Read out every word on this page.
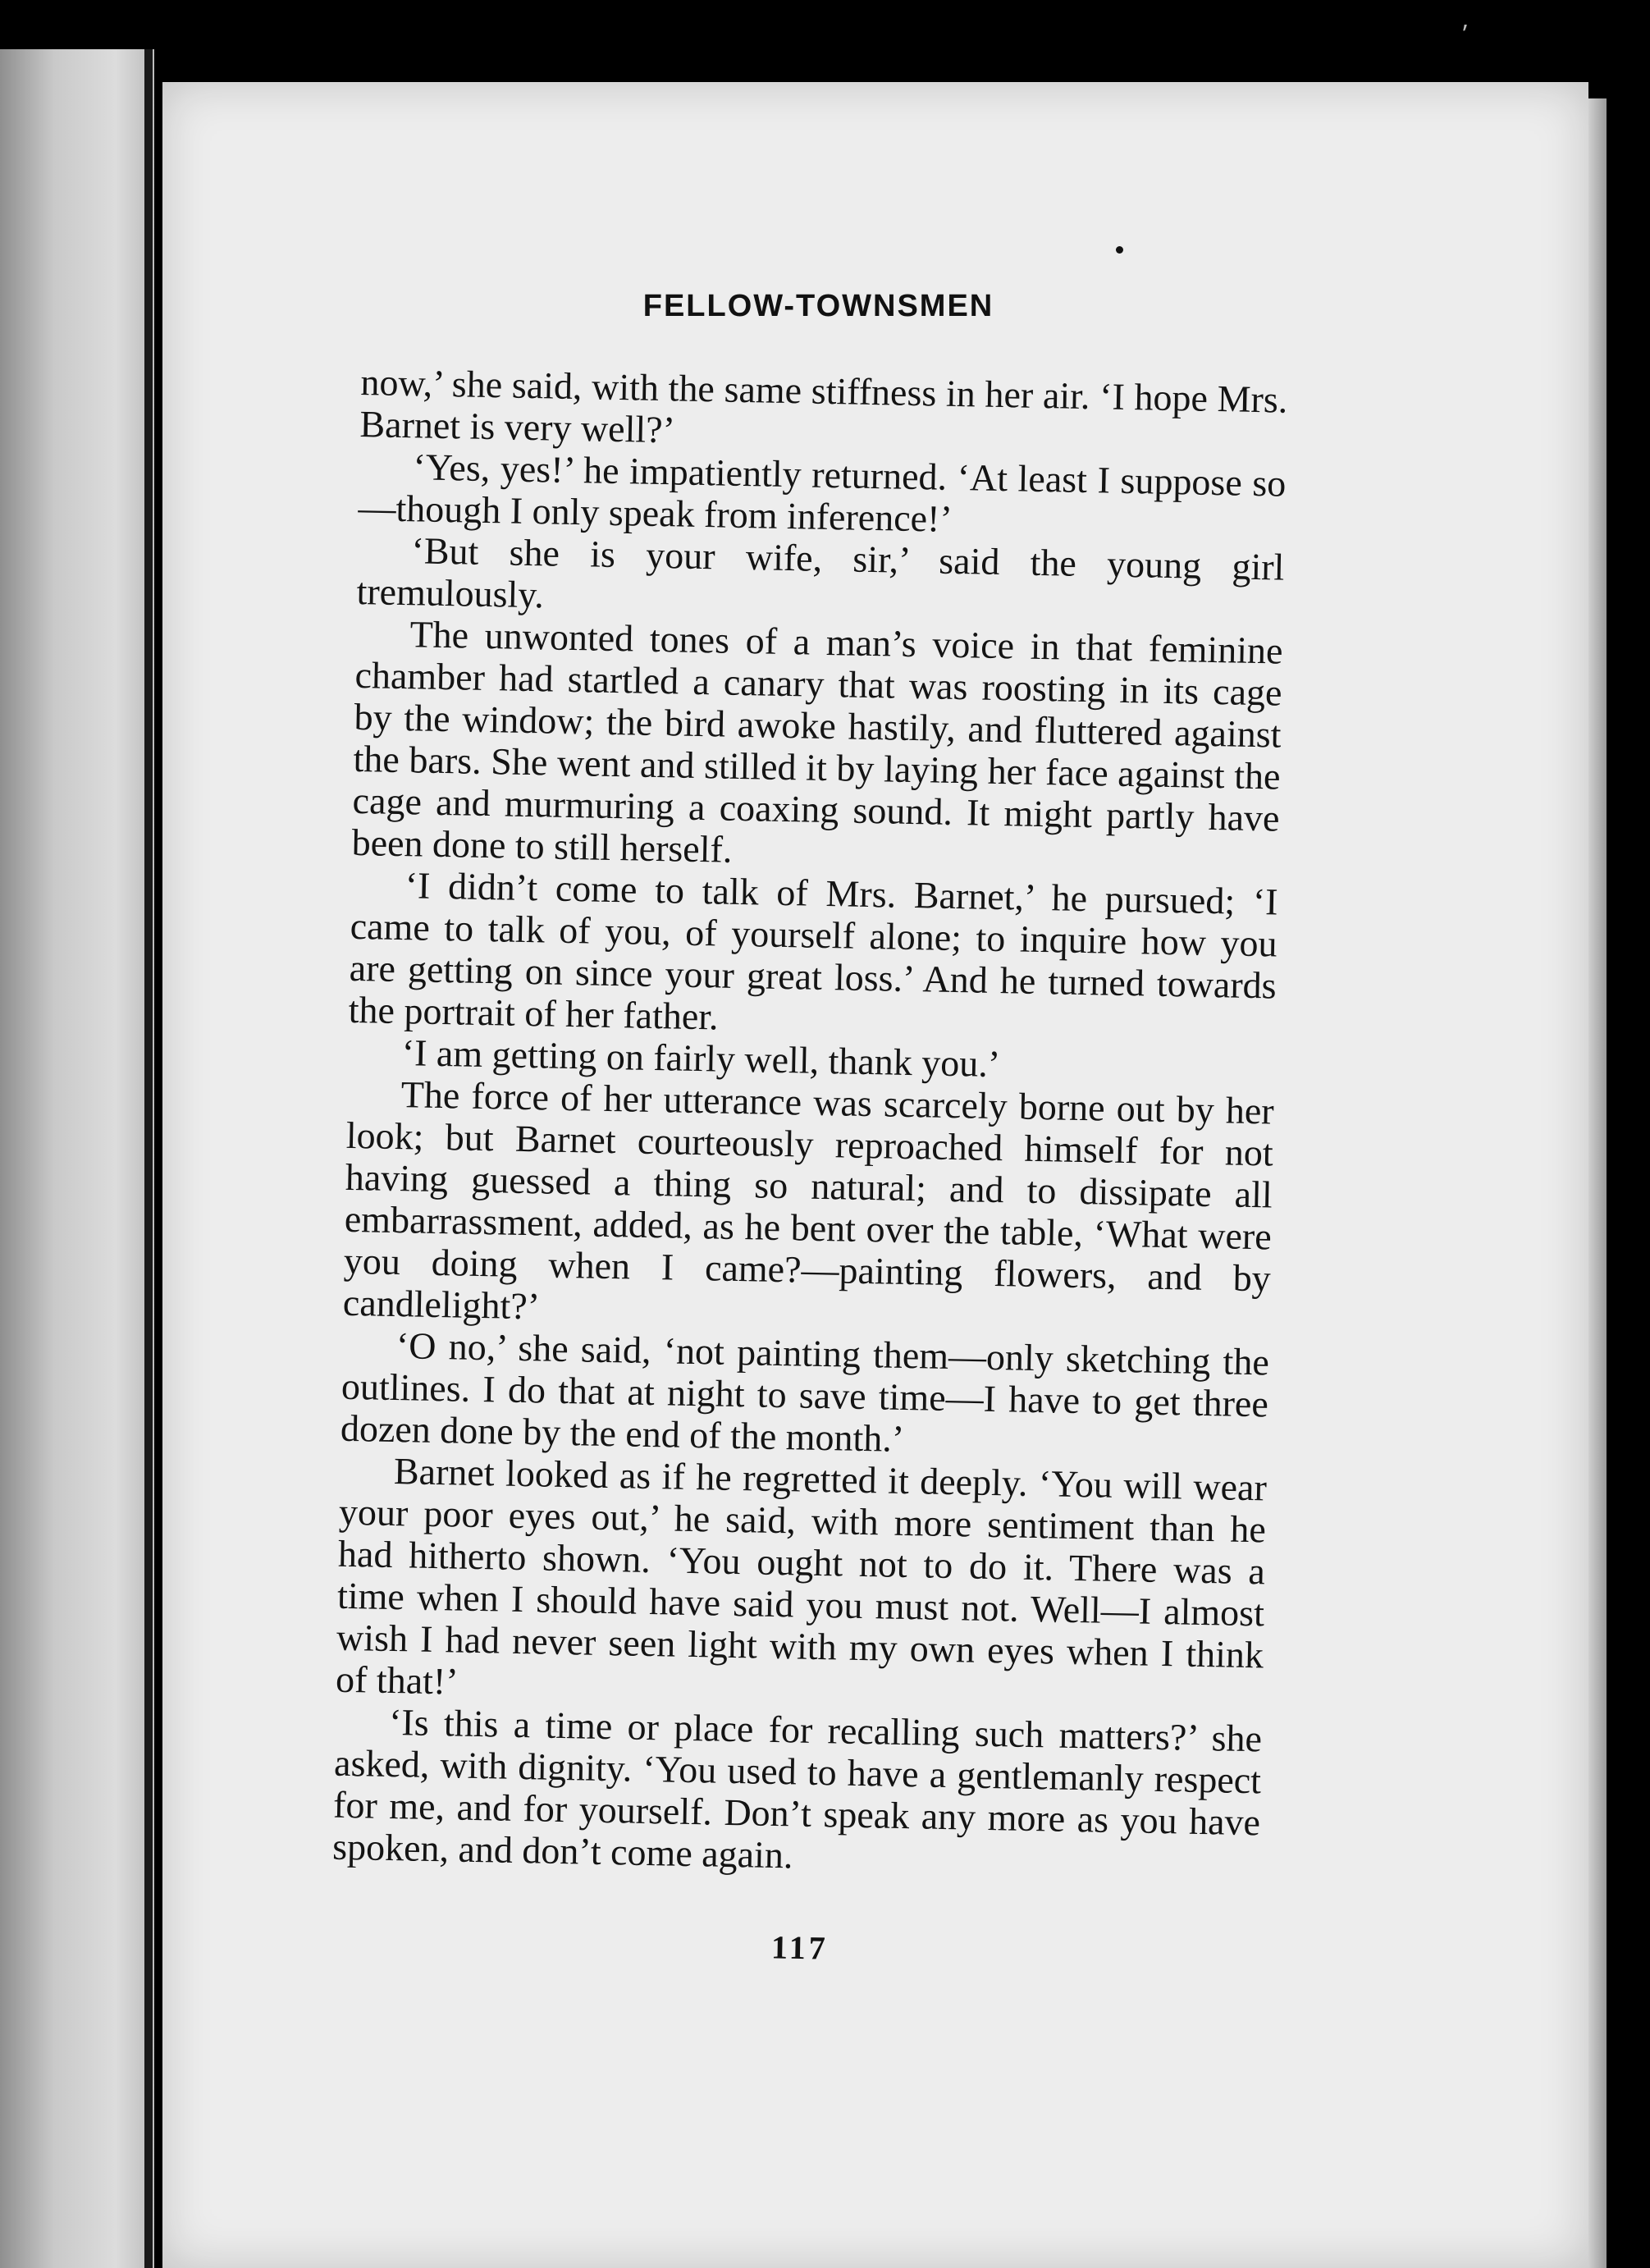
⸴
FELLOW-TOWNSMEN

now,’ she said, with the same stiffness in her air. ‘I hope Mrs. Barnet is very well?’

‘Yes, yes!’ he impatiently returned. ‘At least I suppose so—though I only speak from inference!’

‘But she is your wife, sir,’ said the young girl tremulously.

The unwonted tones of a man’s voice in that feminine chamber had startled a canary that was roosting in its cage by the window; the bird awoke hastily, and fluttered against the bars. She went and stilled it by laying her face against the cage and murmuring a coaxing sound. It might partly have been done to still herself.

‘I didn’t come to talk of Mrs. Barnet,’ he pursued; ‘I came to talk of you, of yourself alone; to inquire how you are getting on since your great loss.’ And he turned towards the portrait of her father.

‘I am getting on fairly well, thank you.’

The force of her utterance was scarcely borne out by her look; but Barnet courteously reproached himself for not having guessed a thing so natural; and to dissipate all embarrassment, added, as he bent over the table, ‘What were you doing when I came?—painting flowers, and by candlelight?’

‘O no,’ she said, ‘not painting them—only sketching the outlines. I do that at night to save time—I have to get three dozen done by the end of the month.’

Barnet looked as if he regretted it deeply. ‘You will wear your poor eyes out,’ he said, with more sentiment than he had hitherto shown. ‘You ought not to do it. There was a time when I should have said you must not. Well—I almost wish I had never seen light with my own eyes when I think of that!’

‘Is this a time or place for recalling such matters?’ she asked, with dignity. ‘You used to have a gentlemanly respect for me, and for yourself. Don’t speak any more as you have spoken, and don’t come again.

117
